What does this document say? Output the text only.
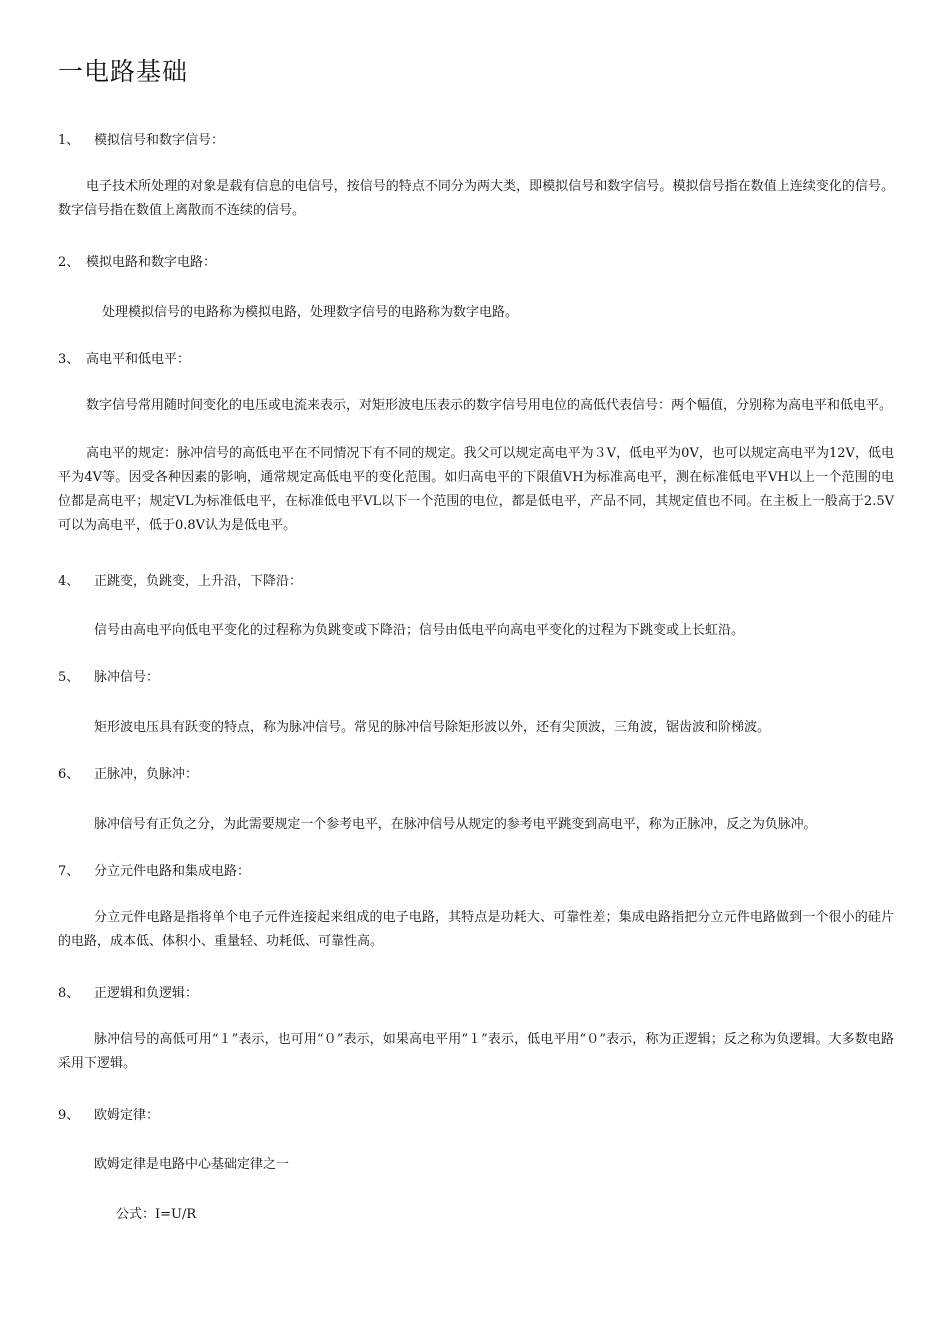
一电路基础
1、 模拟信号和数字信号：
电子技术所处理的对象是载有信息的电信号，按信号的特点不同分为两大类，即模拟信号和数字信号。模拟信号指在数值上连续变化的信号。数字信号指在数值上离散而不连续的信号。
2、 模拟电路和数字电路：
处理模拟信号的电路称为模拟电路，处理数字信号的电路称为数字电路。
3、 高电平和低电平：
数字信号常用随时间变化的电压或电流来表示，对矩形波电压表示的数字信号用电位的高低代表信号：两个幅值，分别称为高电平和低电平。
高电平的规定：脉冲信号的高低电平在不同情况下有不同的规定。我父可以规定高电平为３V，低电平为0V，也可以规定高电平为12V，低电平为4V等。因受各种因素的影响，通常规定高低电平的变化范围。如归高电平的下限值VH为标准高电平，测在标准低电平VH以上一个范围的电位都是高电平；规定VL为标准低电平，在标准低电平VL以下一个范围的电位，都是低电平，产品不同，其规定值也不同。在主板上一般高于2.5V可以为高电平，低于0.8V认为是低电平。
4、 正跳变，负跳变，上升沿，下降沿：
信号由高电平向低电平变化的过程称为负跳变或下降沿；信号由低电平向高电平变化的过程为下跳变或上长虹沿。
5、 脉冲信号：
矩形波电压具有跃变的特点，称为脉冲信号。常见的脉冲信号除矩形波以外，还有尖顶波，三角波，锯齿波和阶梯波。
6、 正脉冲，负脉冲：
脉冲信号有正负之分，为此需要规定一个参考电平，在脉冲信号从规定的参考电平跳变到高电平，称为正脉冲，反之为负脉冲。
7、 分立元件电路和集成电路：
分立元件电路是指将单个电子元件连接起来组成的电子电路，其特点是功耗大、可靠性差；集成电路指把分立元件电路做到一个很小的硅片的电路，成本低、体积小、重量轻、功耗低、可靠性高。
8、 正逻辑和负逻辑：
脉冲信号的高低可用“１”表示，也可用“０”表示，如果高电平用“１”表示，低电平用“０”表示，称为正逻辑；反之称为负逻辑。大多数电路采用下逻辑。
9、 欧姆定律：
欧姆定律是电路中心基础定律之一
公式：I=U/R
